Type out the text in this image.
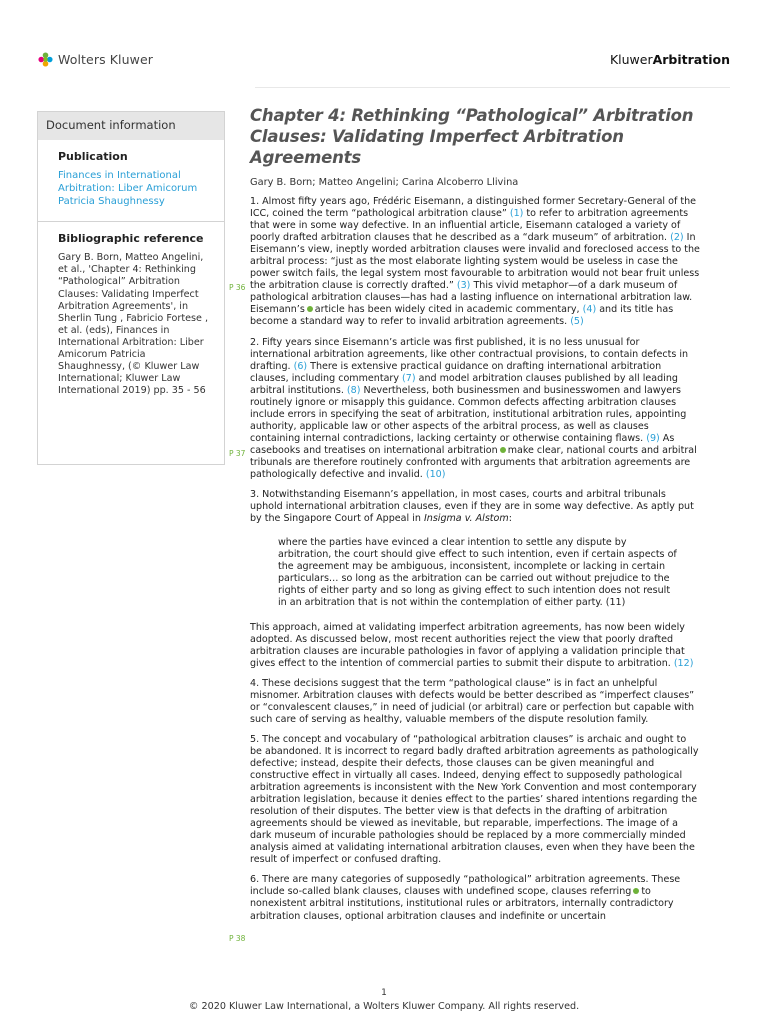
Wolters Kluwer	KluwerArbitration
Document information
Publication
Finances in International Arbitration: Liber Amicorum Patricia Shaughnessy
Bibliographic reference
Gary B. Born, Matteo Angelini, et al., 'Chapter 4: Rethinking “Pathological” Arbitration Clauses: Validating Imperfect Arbitration Agreements', in Sherlin Tung , Fabricio Fortese , et al. (eds), Finances in International Arbitration: Liber Amicorum Patricia Shaughnessy, (© Kluwer Law International; Kluwer Law International 2019) pp. 35 - 56
P 36
P 37
P 38
Chapter 4: Rethinking “Pathological” Arbitration Clauses: Validating Imperfect Arbitration Agreements
Gary B. Born; Matteo Angelini; Carina Alcoberro Llivina
1. Almost fifty years ago, Frédéric Eisemann, a distinguished former Secretary-General of the ICC, coined the term “pathological arbitration clause” (1) to refer to arbitration agreements that were in some way defective. In an influential article, Eisemann cataloged a variety of poorly drafted arbitration clauses that he described as a “dark museum” of arbitration. (2) In Eisemann’s view, ineptly worded arbitration clauses were invalid and foreclosed access to the arbitral process: “just as the most elaborate lighting system would be useless in case the power switch fails, the legal system most favourable to arbitration would not bear fruit unless the arbitration clause is correctly drafted.” (3) This vivid metaphor—of a dark museum of pathological arbitration clauses—has had a lasting influence on international arbitration law. Eisemann’s article has been widely cited in academic commentary, (4) and its title has become a standard way to refer to invalid arbitration agreements. (5)
2. Fifty years since Eisemann’s article was first published, it is no less unusual for international arbitration agreements, like other contractual provisions, to contain defects in drafting. (6) There is extensive practical guidance on drafting international arbitration clauses, including commentary (7) and model arbitration clauses published by all leading arbitral institutions. (8) Nevertheless, both businessmen and businesswomen and lawyers routinely ignore or misapply this guidance. Common defects affecting arbitration clauses include errors in specifying the seat of arbitration, institutional arbitration rules, appointing authority, applicable law or other aspects of the arbitral process, as well as clauses containing internal contradictions, lacking certainty or otherwise containing flaws. (9) As casebooks and treatises on international arbitration make clear, national courts and arbitral tribunals are therefore routinely confronted with arguments that arbitration agreements are pathologically defective and invalid. (10)
3. Notwithstanding Eisemann’s appellation, in most cases, courts and arbitral tribunals uphold international arbitration clauses, even if they are in some way defective. As aptly put by the Singapore Court of Appeal in Insigma v. Alstom:
where the parties have evinced a clear intention to settle any dispute by arbitration, the court should give effect to such intention, even if certain aspects of the agreement may be ambiguous, inconsistent, incomplete or lacking in certain particulars… so long as the arbitration can be carried out without prejudice to the rights of either party and so long as giving effect to such intention does not result in an arbitration that is not within the contemplation of either party. (11)
This approach, aimed at validating imperfect arbitration agreements, has now been widely adopted. As discussed below, most recent authorities reject the view that poorly drafted arbitration clauses are incurable pathologies in favor of applying a validation principle that gives effect to the intention of commercial parties to submit their dispute to arbitration. (12)
4. These decisions suggest that the term “pathological clause” is in fact an unhelpful misnomer. Arbitration clauses with defects would be better described as “imperfect clauses” or “convalescent clauses,” in need of judicial (or arbitral) care or perfection but capable with such care of serving as healthy, valuable members of the dispute resolution family.
5. The concept and vocabulary of “pathological arbitration clauses” is archaic and ought to be abandoned. It is incorrect to regard badly drafted arbitration agreements as pathologically defective; instead, despite their defects, those clauses can be given meaningful and constructive effect in virtually all cases. Indeed, denying effect to supposedly pathological arbitration agreements is inconsistent with the New York Convention and most contemporary arbitration legislation, because it denies effect to the parties’ shared intentions regarding the resolution of their disputes. The better view is that defects in the drafting of arbitration agreements should be viewed as inevitable, but reparable, imperfections. The image of a dark museum of incurable pathologies should be replaced by a more commercially minded analysis aimed at validating international arbitration clauses, even when they have been the result of imperfect or confused drafting.
6. There are many categories of supposedly “pathological” arbitration agreements. These include so-called blank clauses, clauses with undefined scope, clauses referring to nonexistent arbitral institutions, institutional rules or arbitrators, internally contradictory arbitration clauses, optional arbitration clauses and indefinite or uncertain
1
© 2020 Kluwer Law International, a Wolters Kluwer Company. All rights reserved.
